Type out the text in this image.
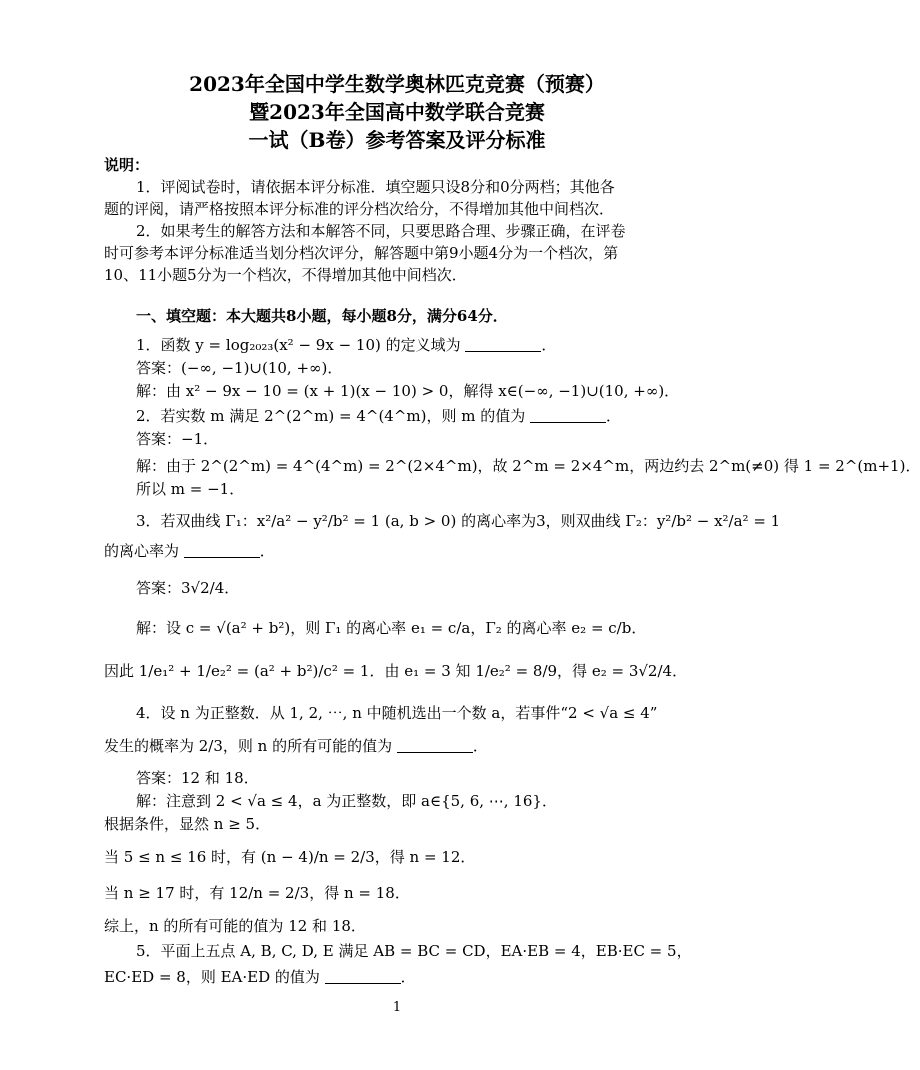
2023年全国中学生数学奥林匹克竞赛（预赛）
暨2023年全国高中数学联合竞赛
一试（B卷）参考答案及评分标准
说明：
1．评阅试卷时，请依据本评分标准．填空题只设8分和0分两档；其他各
题的评阅，请严格按照本评分标准的评分档次给分，不得增加其他中间档次．
2．如果考生的解答方法和本解答不同，只要思路合理、步骤正确，在评卷
时可参考本评分标准适当划分档次评分，解答题中第9小题4分为一个档次，第
10、11小题5分为一个档次，不得增加其他中间档次．
一、填空题：本大题共8小题，每小题8分，满分64分．
1．函数 y = log₂₀₂₃(x² − 9x − 10) 的定义域为	．
答案：(−∞, −1)∪(10, +∞)．
解：由 x² − 9x − 10 = (x + 1)(x − 10) > 0，解得 x∈(−∞, −1)∪(10, +∞)．
2．若实数 m 满足 2^(2^m) = 4^(4^m)，则 m 的值为	．
答案：−1．
解：由于 2^(2^m) = 4^(4^m) = 2^(2×4^m)，故 2^m = 2×4^m，两边约去 2^m(≠0) 得 1 = 2^(m+1)．
所以 m = −1．
3．若双曲线 Γ₁：x²/a² − y²/b² = 1 (a, b > 0) 的离心率为3，则双曲线 Γ₂：y²/b² − x²/a² = 1
的离心率为	．
答案：3√2/4．
解：设 c = √(a² + b²)，则 Γ₁ 的离心率 e₁ = c/a，Γ₂ 的离心率 e₂ = c/b．
因此 1/e₁² + 1/e₂² = (a² + b²)/c² = 1．由 e₁ = 3 知 1/e₂² = 8/9，得 e₂ = 3√2/4．
4．设 n 为正整数．从 1, 2, ⋯, n 中随机选出一个数 a，若事件“2 < √a ≤ 4”
发生的概率为 2/3，则 n 的所有可能的值为	．
答案：12 和 18．
解：注意到 2 < √a ≤ 4，a 为正整数，即 a∈{5, 6, ⋯, 16}．
根据条件，显然 n ≥ 5．
当 5 ≤ n ≤ 16 时，有 (n − 4)/n = 2/3，得 n = 12．
当 n ≥ 17 时，有 12/n = 2/3，得 n = 18．
综上，n 的所有可能的值为 12 和 18．
5．平面上五点 A, B, C, D, E 满足 AB = BC = CD，EA·EB = 4，EB·EC = 5，
EC·ED = 8，则 EA·ED 的值为	．
1
